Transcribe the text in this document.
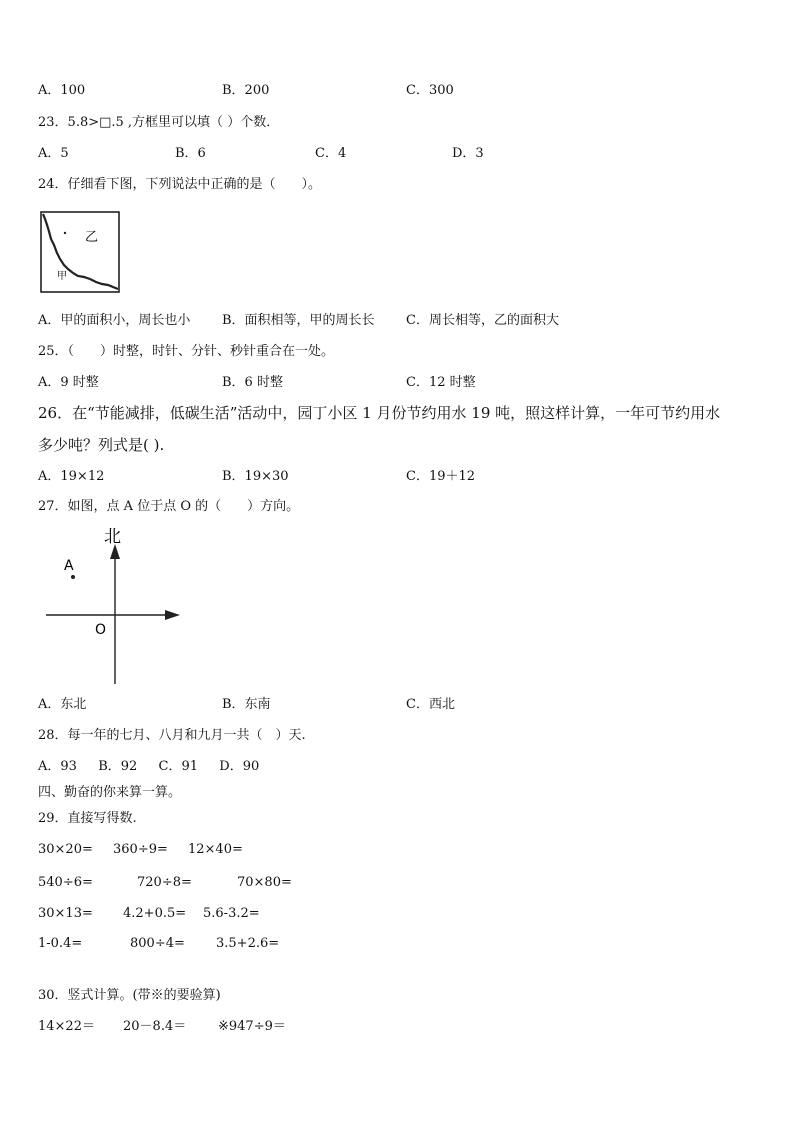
A．100	B．200	C．300
23．5.8>□.5 ,方框里可以填（ ）个数．
A．5	B．6	C．4	D．3
24．仔细看下图，下列说法中正确的是（　　）。
乙
甲
A．甲的面积小，周长也小 B．面积相等，甲的周长长 C．周长相等，乙的面积大
25．（　　）时整，时针、分针、秒针重合在一处。
A．9 时整	B．6 时整	C．12 时整
26．在“节能减排，低碳生活”活动中，园丁小区 1 月份节约用水 19 吨，照这样计算，一年可节约用水
多少吨？列式是( ).
A．19×12	B．19×30	C．19＋12
27．如图，点 A 位于点 O 的（　　）方向。
北
A
O
A．东北	B．东南	C．西北
28．每一年的七月、八月和九月一共（　）天.
A．93　  B．92　  C．91　  D．90
四、勤奋的你来算一算。
29．直接写得数.
30×20= 360÷9= 12×40=
540÷6=	720÷8=	70×80=
30×13= 4.2+0.5= 5.6-3.2=
1-0.4=	800÷4= 3.5+2.6=
30．竖式计算。(带※的要验算)
14×22＝ 20－8.4＝ ※947÷9＝
